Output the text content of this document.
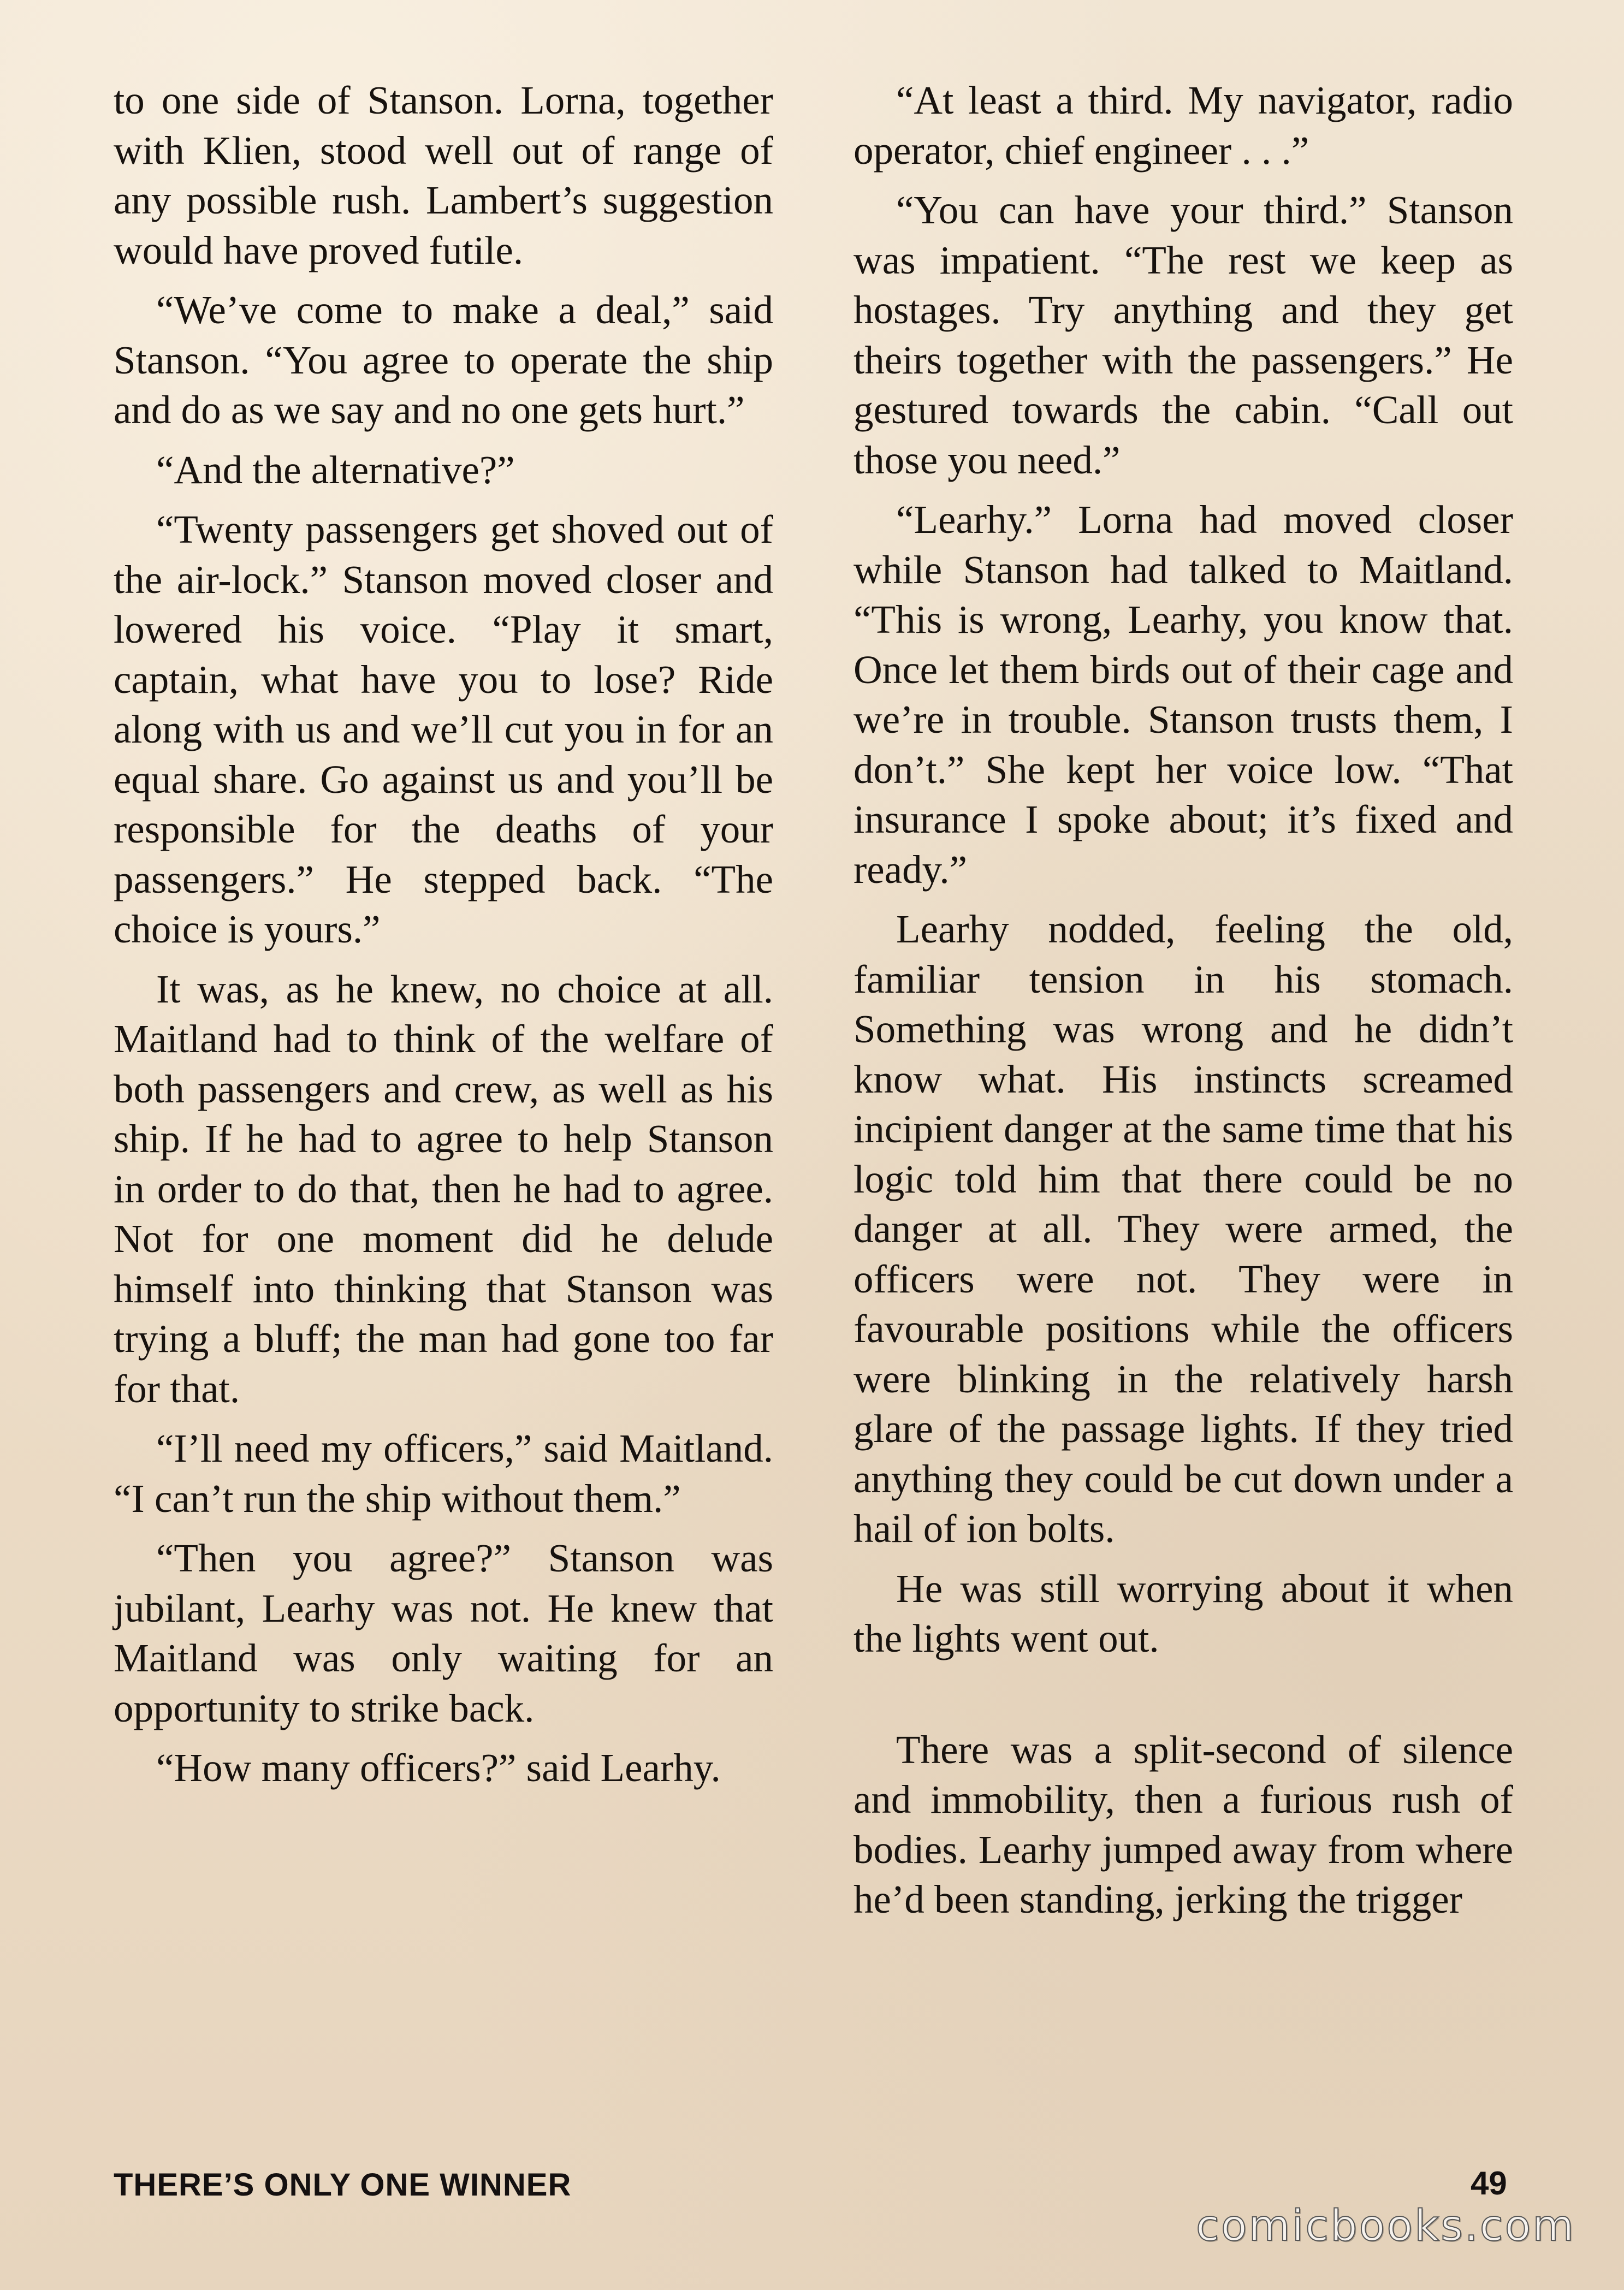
to one side of Stanson. Lorna, together with Klien, stood well out of range of any possible rush. Lambert’s suggestion would have proved futile.

“We’ve come to make a deal,” said Stanson. “You agree to operate the ship and do as we say and no one gets hurt.”

“And the alternative?”

“Twenty passengers get shoved out of the air-lock.” Stanson moved closer and lowered his voice. “Play it smart, captain, what have you to lose? Ride along with us and we’ll cut you in for an equal share. Go against us and you’ll be responsible for the deaths of your passengers.” He stepped back. “The choice is yours.”

It was, as he knew, no choice at all. Maitland had to think of the welfare of both passengers and crew, as well as his ship. If he had to agree to help Stanson in order to do that, then he had to agree. Not for one moment did he delude himself into thinking that Stanson was trying a bluff; the man had gone too far for that.

“I’ll need my officers,” said Maitland. “I can’t run the ship without them.”

“Then you agree?” Stanson was jubilant, Learhy was not. He knew that Maitland was only waiting for an opportunity to strike back.

“How many officers?” said Learhy.

“At least a third. My navigator, radio operator, chief engineer . . .”

“You can have your third.” Stanson was impatient. “The rest we keep as hostages. Try anything and they get theirs together with the passengers.” He gestured towards the cabin. “Call out those you need.”

“Learhy.” Lorna had moved closer while Stanson had talked to Maitland. “This is wrong, Learhy, you know that. Once let them birds out of their cage and we’re in trouble. Stanson trusts them, I don’t.” She kept her voice low. “That insurance I spoke about; it’s fixed and ready.”

Learhy nodded, feeling the old, familiar tension in his stomach. Something was wrong and he didn’t know what. His instincts screamed incipient danger at the same time that his logic told him that there could be no danger at all. They were armed, the officers were not. They were in favourable positions while the officers were blinking in the relatively harsh glare of the passage lights. If they tried anything they could be cut down under a hail of ion bolts.

He was still worrying about it when the lights went out.

There was a split-second of silence and immobility, then a furious rush of bodies. Learhy jumped away from where he’d been standing, jerking the trigger

THERE’S ONLY ONE WINNER	49
comicbooks.com
